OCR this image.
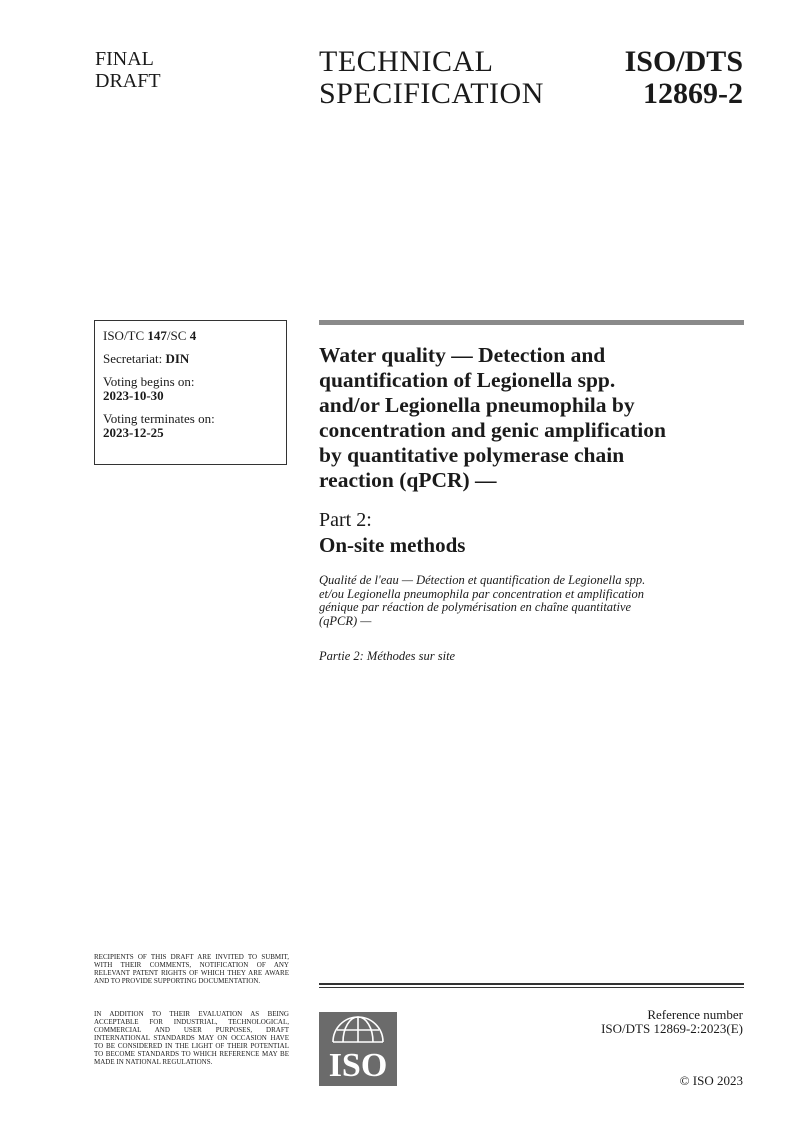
FINAL
DRAFT
TECHNICAL
SPECIFICATION
ISO/DTS
12869-2
ISO/TC 147/SC 4
Secretariat: DIN
Voting begins on:
2023-10-30
Voting terminates on:
2023-12-25
Water quality — Detection and
quantification of Legionella spp.
and/or Legionella pneumophila by
concentration and genic amplification
by quantitative polymerase chain
reaction (qPCR) —
Part 2:
On-site methods
Qualité de l'eau — Détection et quantification de Legionella spp.
et/ou Legionella pneumophila par concentration et amplification
génique par réaction de polymérisation en chaîne quantitative
(qPCR) —
Partie 2: Méthodes sur site
RECIPIENTS OF THIS DRAFT ARE INVITED TO SUBMIT, WITH THEIR COMMENTS, NOTIFICATION OF ANY RELEVANT PATENT RIGHTS OF WHICH THEY ARE AWARE AND TO PROVIDE SUPPORTING DOCUMENTATION.
IN ADDITION TO THEIR EVALUATION AS BEING ACCEPTABLE FOR INDUSTRIAL, TECHNOLOGICAL, COMMERCIAL AND USER PURPOSES, DRAFT INTERNATIONAL STANDARDS MAY ON OCCASION HAVE TO BE CONSIDERED IN THE LIGHT OF THEIR POTENTIAL TO BECOME STANDARDS TO WHICH REFERENCE MAY BE MADE IN NATIONAL REGULATIONS.	ISO
Reference number
ISO/DTS 12869-2:2023(E)
© ISO 2023
